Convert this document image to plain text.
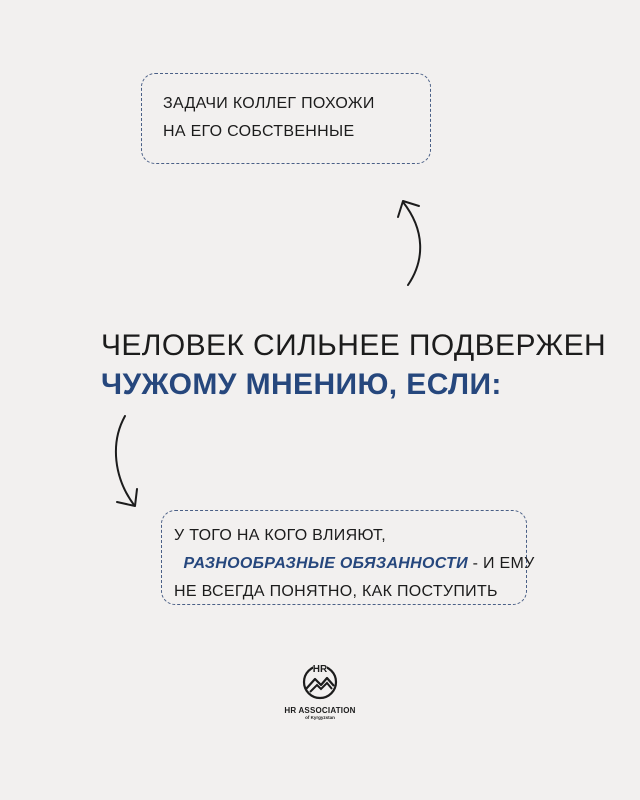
ЗАДАЧИ КОЛЛЕГ ПОХОЖИ
НА ЕГО СОБСТВЕННЫЕ
ЧЕЛОВЕК СИЛЬНЕЕ ПОДВЕРЖЕН
ЧУЖОМУ МНЕНИЮ, ЕСЛИ:
У ТОГО НА КОГО ВЛИЯЮТ,
РАЗНООБРАЗНЫЕ ОБЯЗАННОСТИ - И ЕМУ
НЕ ВСЕГДА ПОНЯТНО, КАК ПОСТУПИТЬ
HR
HR ASSOCIATION
of Kyrgyzstan
